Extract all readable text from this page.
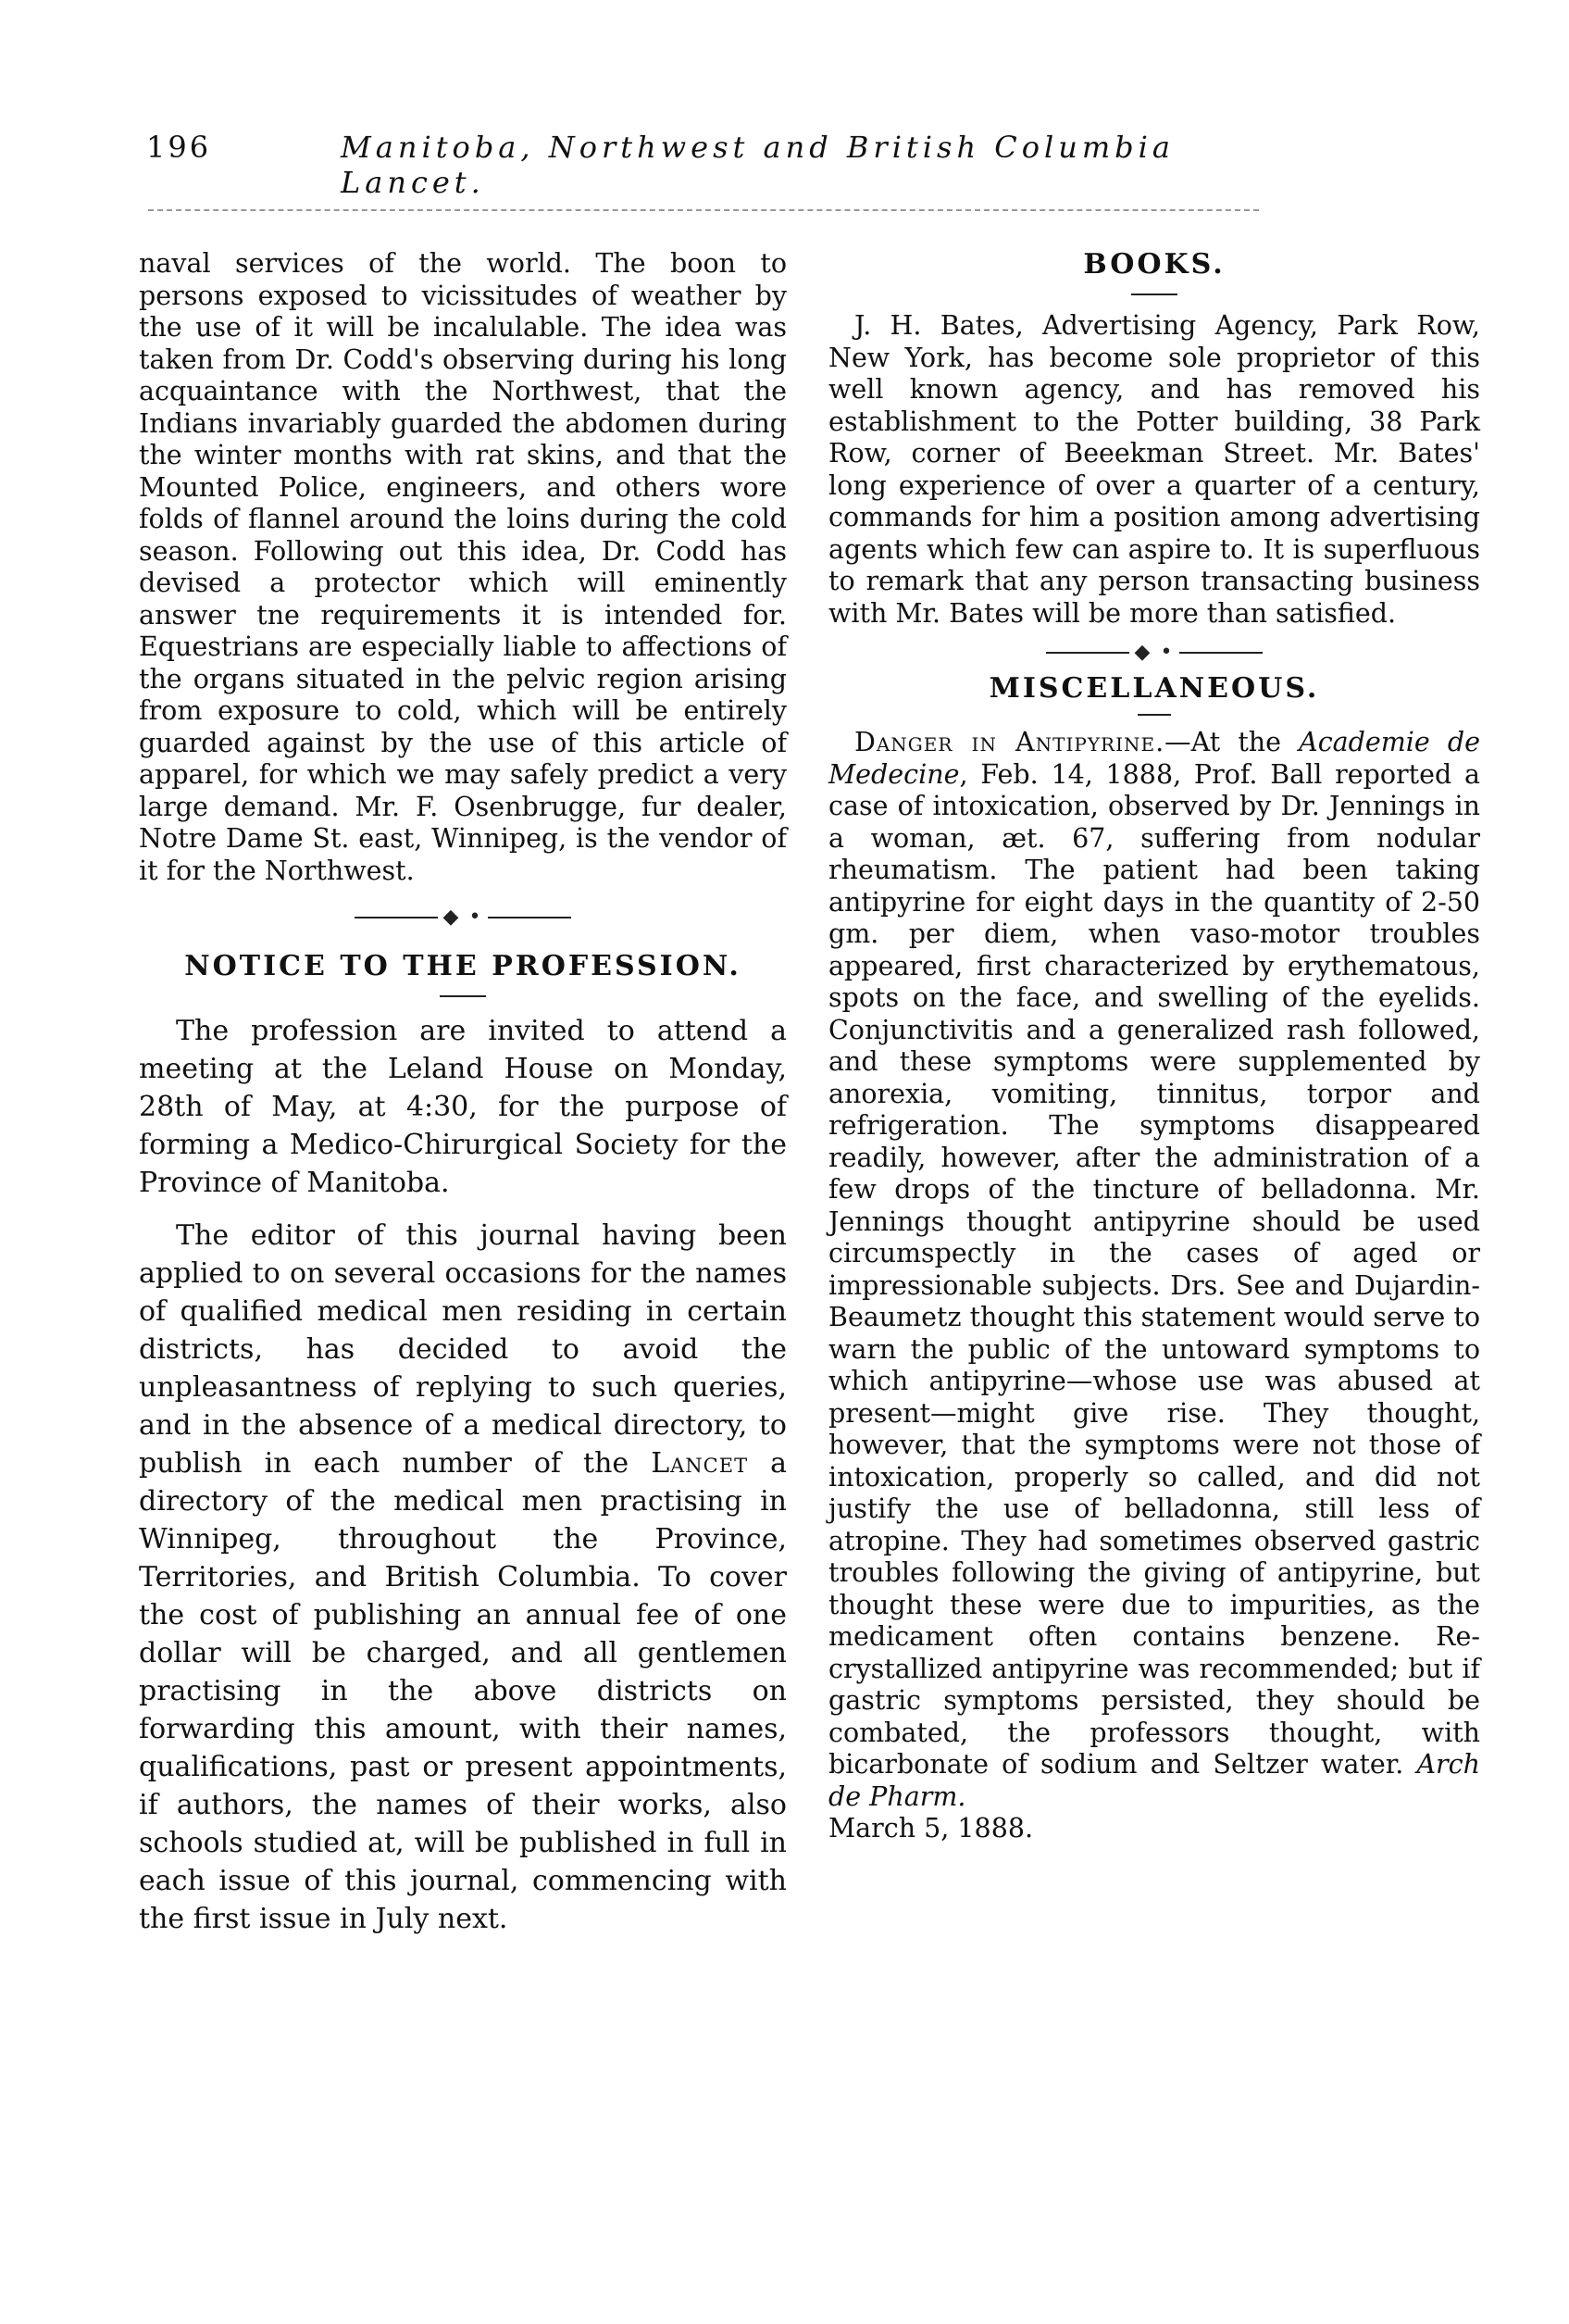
196	Manitoba, Northwest and British Columbia Lancet.

naval services of the world. The boon to persons exposed to vicissitudes of weather by the use of it will be incalulable. The idea was taken from Dr. Codd's observing during his long acquaintance with the Northwest, that the Indians invariably guarded the abdomen during the winter months with rat skins, and that the Mounted Police, engineers, and others wore folds of flannel around the loins during the cold season. Following out this idea, Dr. Codd has devised a protector which will eminently answer tne requirements it is intended for. Equestrians are especially liable to affections of the organs situated in the pelvic region arising from exposure to cold, which will be entirely guarded against by the use of this article of apparel, for which we may safely predict a very large demand. Mr. F. Osenbrugge, fur dealer, Notre Dame St. east, Winnipeg, is the vendor of it for the Northwest.

◆ •
NOTICE TO THE PROFESSION.

The profession are invited to attend a meeting at the Leland House on Monday, 28th of May, at 4:30, for the purpose of forming a Medico-Chirurgical Society for the Province of Manitoba.

The editor of this journal having been applied to on several occasions for the names of qualified medical men residing in certain districts, has decided to avoid the unpleasantness of replying to such queries, and in the absence of a medical directory, to publish in each number of the Lancet a directory of the medical men practising in Winnipeg, throughout the Province, Territories, and British Columbia. To cover the cost of publishing an annual fee of one dollar will be charged, and all gentlemen practising in the above districts on forwarding this amount, with their names, qualifications, past or present appointments, if authors, the names of their works, also schools studied at, will be published in full in each issue of this journal, commencing with the first issue in July next.

BOOKS.

J. H. Bates, Advertising Agency, Park Row, New York, has become sole proprietor of this well known agency, and has removed his establishment to the Potter building, 38 Park Row, corner of Beeekman Street. Mr. Bates' long experience of over a quarter of a century, commands for him a position among advertising agents which few can aspire to. It is superfluous to remark that any person transacting business with Mr. Bates will be more than satisfied.

◆ •
MISCELLANEOUS.

Danger in Antipyrine.—At the Academie de Medecine, Feb. 14, 1888, Prof. Ball reported a case of intoxication, observed by Dr. Jennings in a woman, æt. 67, suffering from nodular rheumatism. The patient had been taking antipyrine for eight days in the quantity of 2-50 gm. per diem, when vaso-motor troubles appeared, first characterized by erythematous, spots on the face, and swelling of the eyelids. Conjunctivitis and a generalized rash followed, and these symptoms were supplemented by anorexia, vomiting, tinnitus, torpor and refrigeration. The symptoms disappeared readily, however, after the administration of a few drops of the tincture of belladonna. Mr. Jennings thought antipyrine should be used circumspectly in the cases of aged or impressionable subjects. Drs. See and Dujardin-Beaumetz thought this statement would serve to warn the public of the untoward symptoms to which antipyrine—whose use was abused at present—might give rise. They thought, however, that the symptoms were not those of intoxication, properly so called, and did not justify the use of belladonna, still less of atropine. They had sometimes observed gastric troubles following the giving of antipyrine, but thought these were due to impurities, as the medicament often contains benzene. Re-crystallized antipyrine was recommended; but if gastric symptoms persisted, they should be combated, the professors thought, with bicarbonate of sodium and Seltzer water. Arch de Pharm.
March 5, 1888.
